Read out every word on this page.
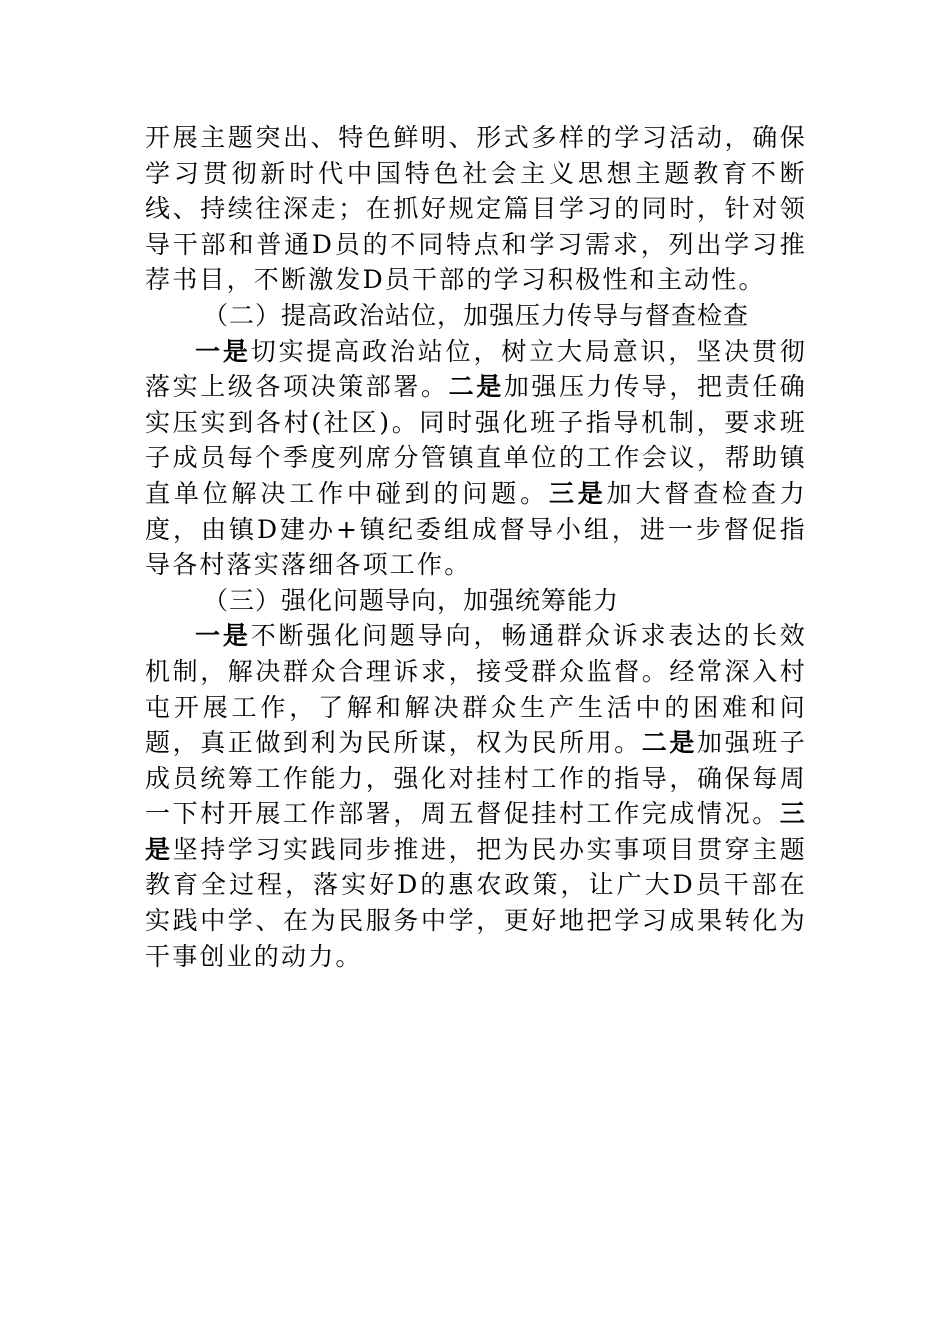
开展主题突出、特色鲜明、形式多样的学习活动，确保学习贯彻新时代中国特色社会主义思想主题教育不断线、持续往深走；在抓好规定篇目学习的同时，针对领导干部和普通D员的不同特点和学习需求，列出学习推荐书目，不断激发D员干部的学习积极性和主动性。

（二）提高政治站位，加强压力传导与督查检查

一是切实提高政治站位，树立大局意识，坚决贯彻落实上级各项决策部署。二是加强压力传导，把责任确实压实到各村(社区)。同时强化班子指导机制，要求班子成员每个季度列席分管镇直单位的工作会议，帮助镇直单位解决工作中碰到的问题。三是加大督查检查力度，由镇D建办+镇纪委组成督导小组，进一步督促指导各村落实落细各项工作。

（三）强化问题导向，加强统筹能力

一是不断强化问题导向，畅通群众诉求表达的长效机制，解决群众合理诉求，接受群众监督。经常深入村屯开展工作，了解和解决群众生产生活中的困难和问题，真正做到利为民所谋，权为民所用。二是加强班子成员统筹工作能力，强化对挂村工作的指导，确保每周一下村开展工作部署，周五督促挂村工作完成情况。三是坚持学习实践同步推进，把为民办实事项目贯穿主题教育全过程，落实好D的惠农政策，让广大D员干部在实践中学、在为民服务中学，更好地把学习成果转化为干事创业的动力。
